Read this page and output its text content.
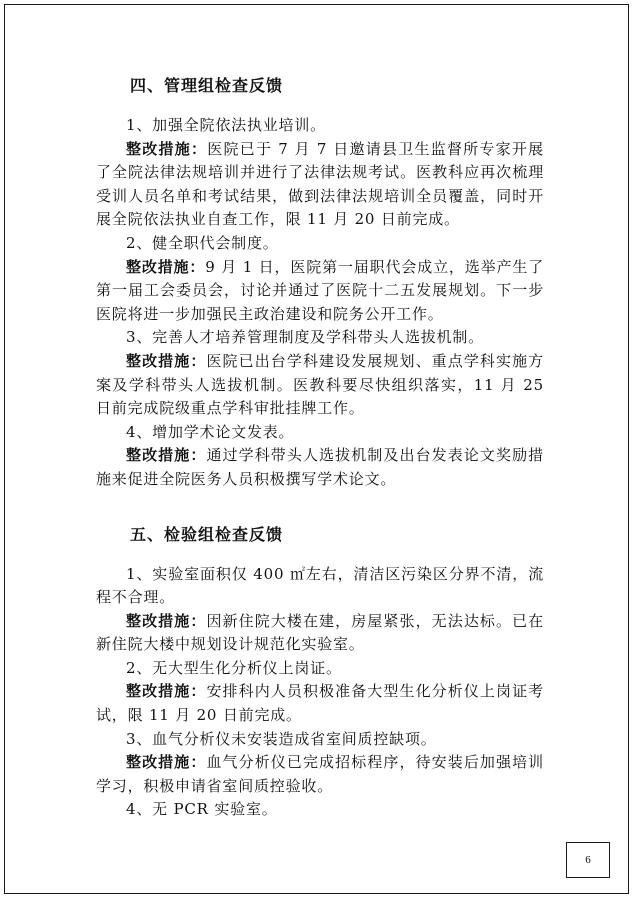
四、管理组检查反馈

1、加强全院依法执业培训。

整改措施：医院已于 7 月 7 日邀请县卫生监督所专家开展了全院法律法规培训并进行了法律法规考试。医教科应再次梳理受训人员名单和考试结果，做到法律法规培训全员覆盖，同时开展全院依法执业自查工作，限 11 月 20 日前完成。

2、健全职代会制度。

整改措施：9 月 1 日，医院第一届职代会成立，选举产生了第一届工会委员会，讨论并通过了医院十二五发展规划。下一步医院将进一步加强民主政治建设和院务公开工作。

3、完善人才培养管理制度及学科带头人选拔机制。

整改措施：医院已出台学科建设发展规划、重点学科实施方案及学科带头人选拔机制。医教科要尽快组织落实，11 月 25 日前完成院级重点学科审批挂牌工作。

4、增加学术论文发表。

整改措施：通过学科带头人选拔机制及出台发表论文奖励措施来促进全院医务人员积极撰写学术论文。

五、检验组检查反馈

1、实验室面积仅 400 ㎡左右，清洁区污染区分界不清，流程不合理。

整改措施：因新住院大楼在建，房屋紧张，无法达标。已在新住院大楼中规划设计规范化实验室。

2、无大型生化分析仪上岗证。

整改措施：安排科内人员积极准备大型生化分析仪上岗证考试，限 11 月 20 日前完成。

3、血气分析仪未安装造成省室间质控缺项。

整改措施：血气分析仪已完成招标程序，待安装后加强培训学习，积极申请省室间质控验收。

4、无 PCR 实验室。

6
